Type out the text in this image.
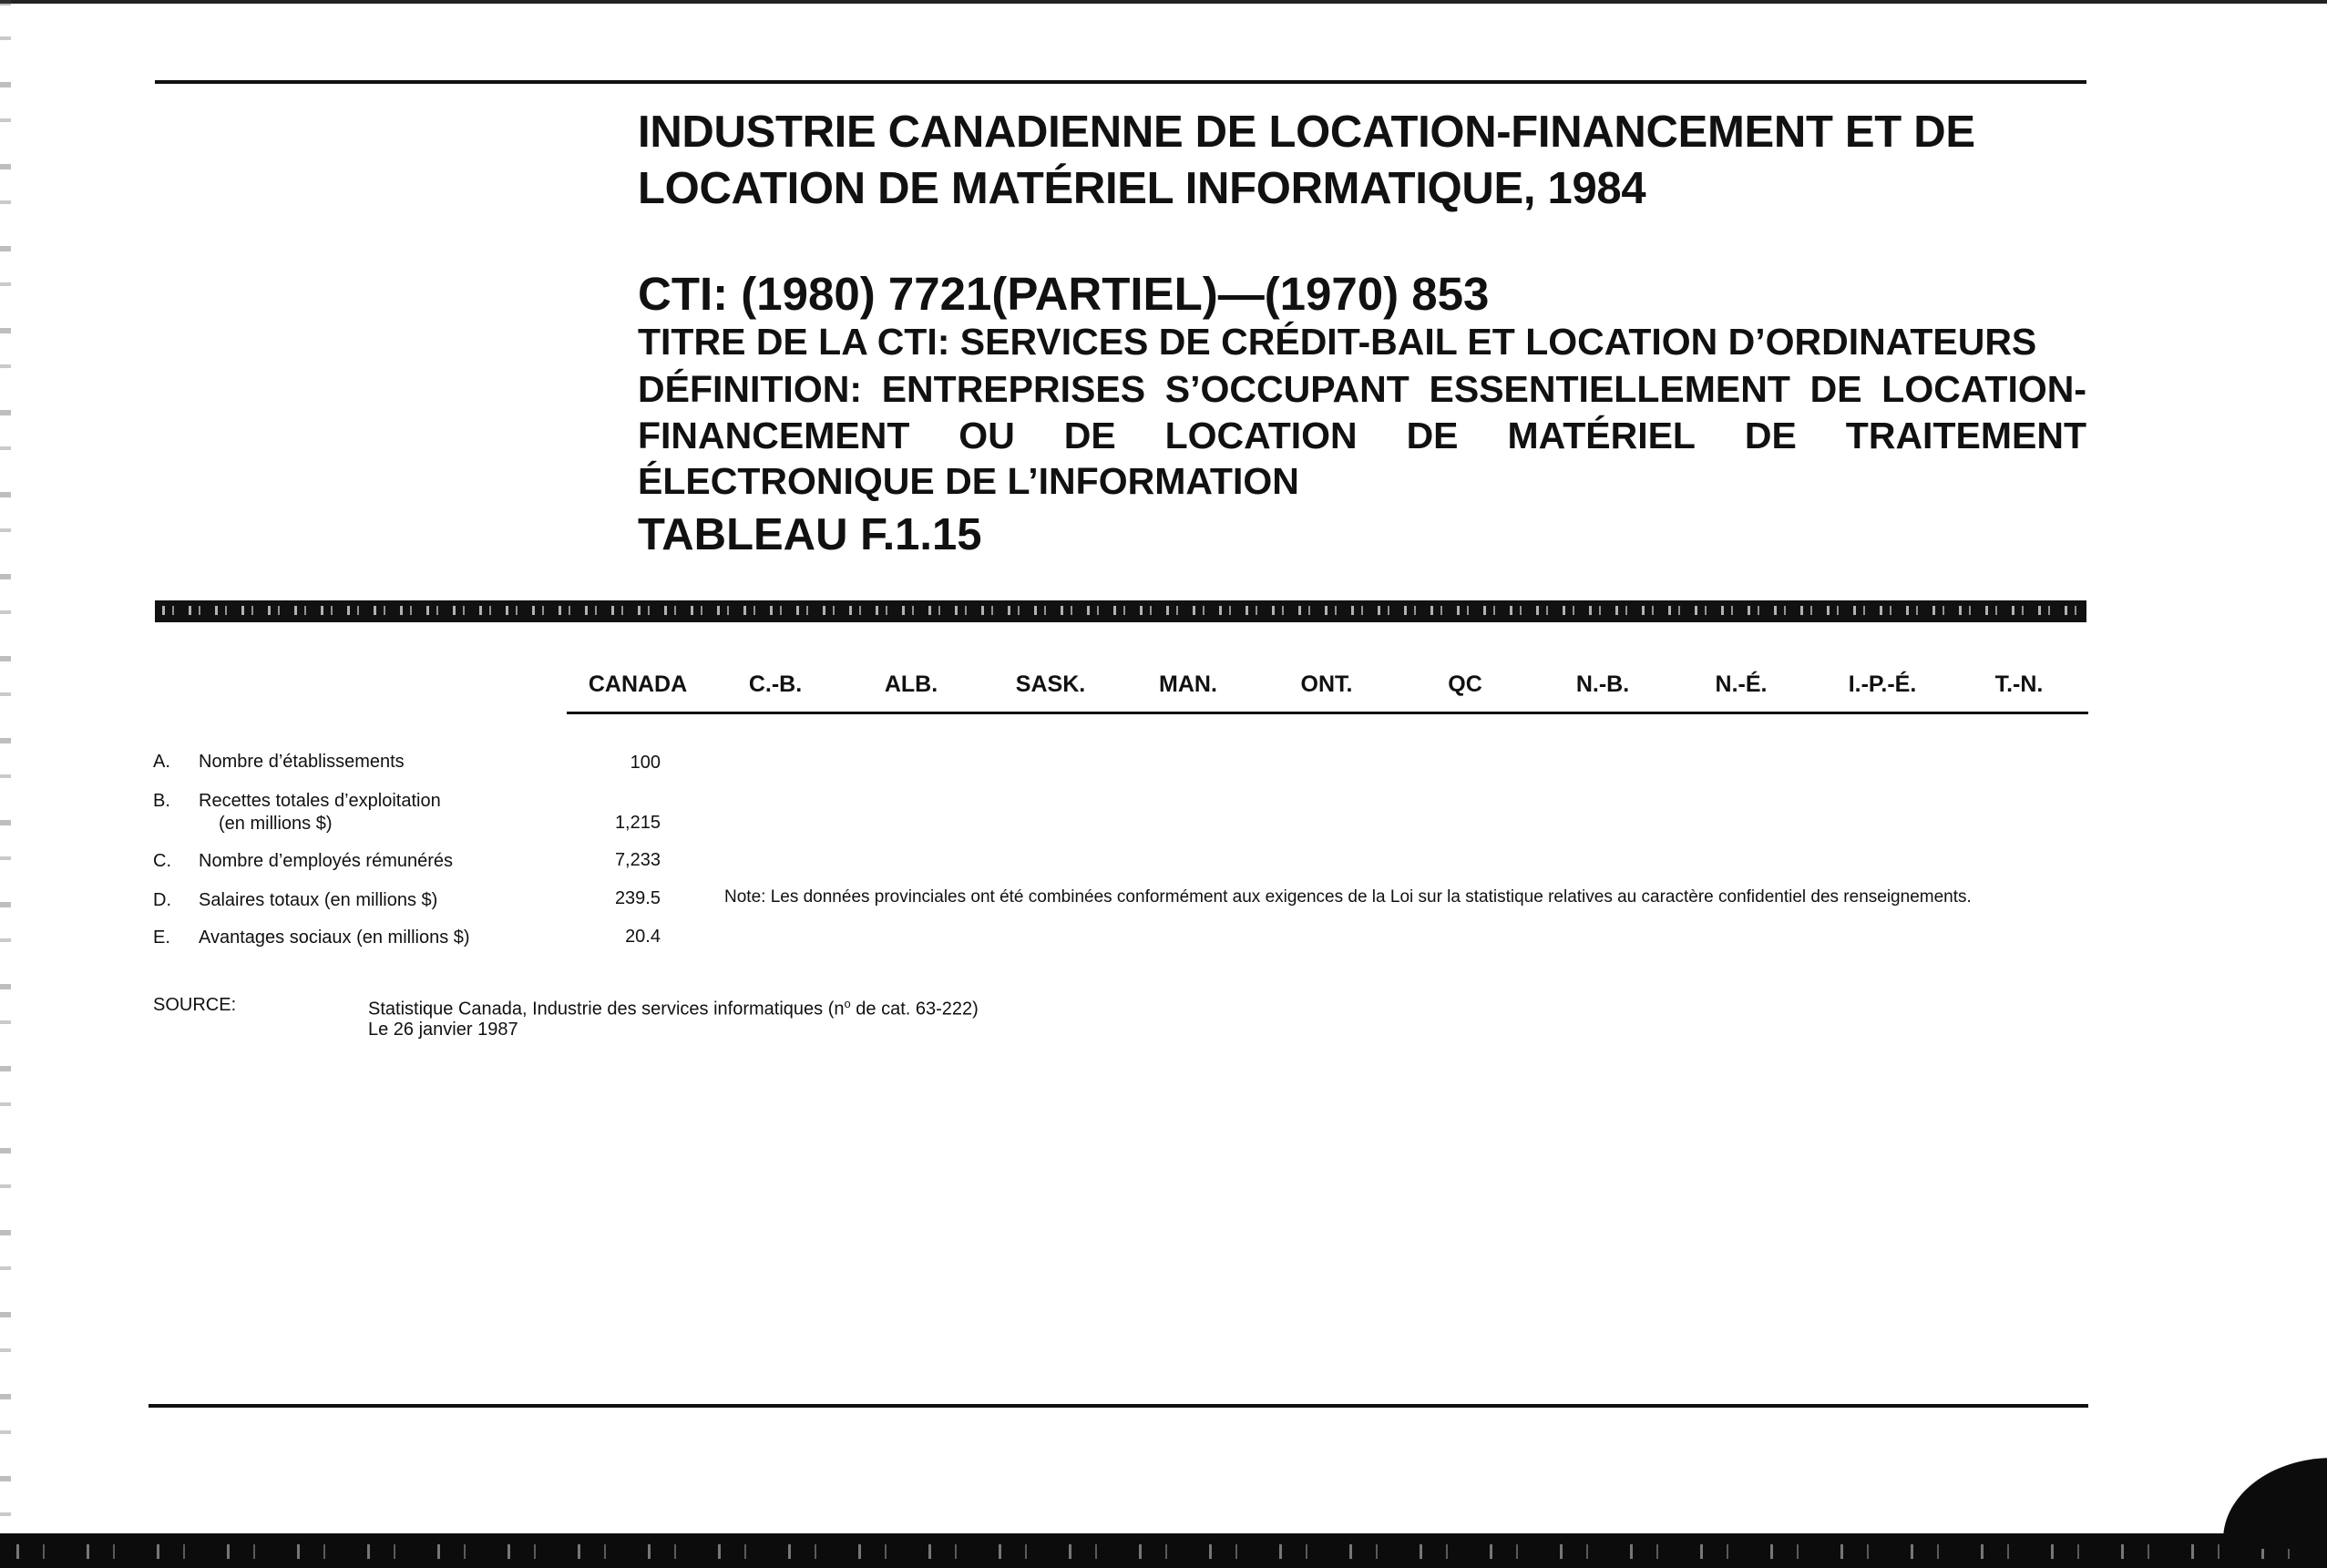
INDUSTRIE CANADIENNE DE LOCATION-FINANCEMENT ET DE
LOCATION DE MATÉRIEL INFORMATIQUE, 1984
CTI: (1980) 7721(PARTIEL)—(1970) 853
TITRE DE LA CTI: SERVICES DE CRÉDIT-BAIL ET LOCATION D’ORDINATEURS
DÉFINITION: ENTREPRISES S’OCCUPANT ESSENTIELLEMENT DE LOCATION-
FINANCEMENT OU DE LOCATION DE MATÉRIEL DE TRAITEMENT
ÉLECTRONIQUE DE L’INFORMATION
TABLEAU F.1.15
CANADA	C.-B.	ALB.	SASK.	MAN.	ONT.	QC	N.-B.	N.-É.	I.-P.-É.	T.-N.
A. Nombre d’établissements	100
B. Recettes totales d’exploitation
(en millions $)	1,215
C. Nombre d’employés rémunérés	7,233
D. Salaires totaux (en millions $)	239.5	Note: Les données provinciales ont été combinées conformément aux exigences de la Loi sur la statistique relatives au caractère confidentiel des renseignements.
E. Avantages sociaux (en millions $)	20.4
SOURCE:	Statistique Canada, Industrie des services informatiques ($n^o$ de cat. 63-222)
Le 26 janvier 1987
